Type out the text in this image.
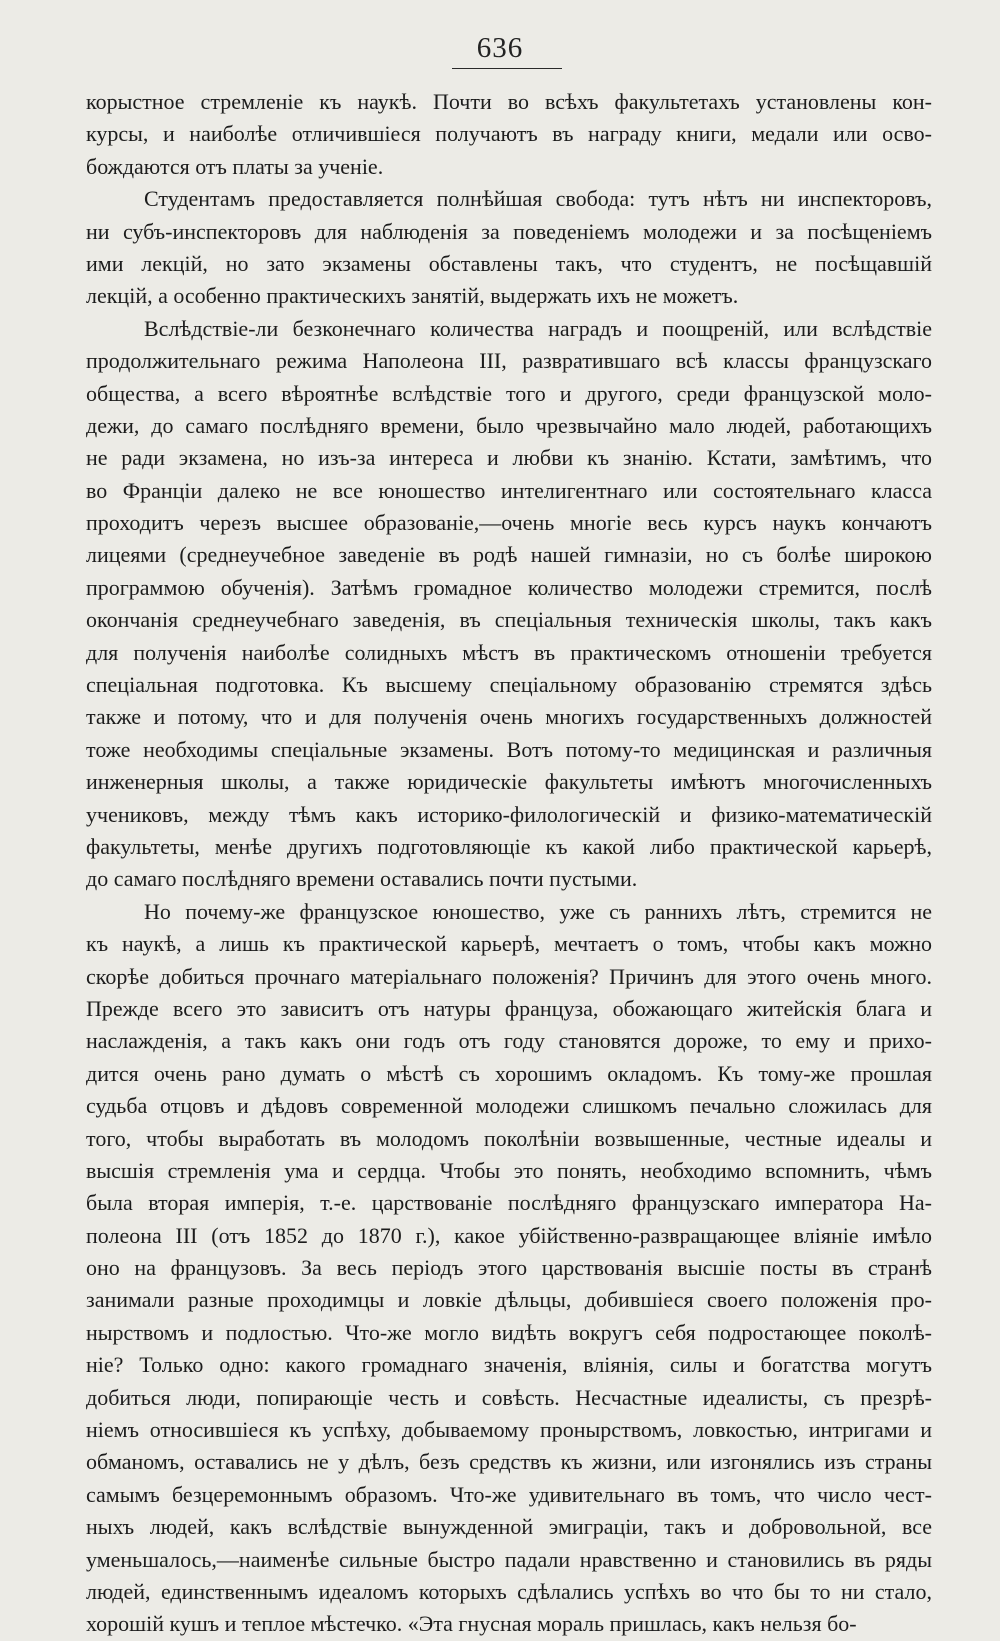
636
корыстное стремленіе къ наукѣ. Почти во всѣхъ факультетахъ установлены кон-
курсы, и наиболѣе отличившіеся получаютъ въ награду книги, медали или осво-
бождаются отъ платы за ученіе.
Студентамъ предоставляется полнѣйшая свобода: тутъ нѣтъ ни инспекторовъ,
ни субъ-инспекторовъ для наблюденія за поведеніемъ молодежи и за посѣщеніемъ
ими лекцій, но зато экзамены обставлены такъ, что студентъ, не посѣщавшій
лекцій, а особенно практическихъ занятій, выдержать ихъ не можетъ.
Вслѣдствіе-ли безконечнаго количества наградъ и поощреній, или вслѣдствіе
продолжительнаго режима Наполеона III, развратившаго всѣ классы французскаго
общества, а всего вѣроятнѣе вслѣдствіе того и другого, среди французской моло-
дежи, до самаго послѣдняго времени, было чрезвычайно мало людей, работающихъ
не ради экзамена, но изъ-за интереса и любви къ знанію. Кстати, замѣтимъ, что
во Франціи далеко не все юношество интелигентнаго или состоятельнаго класса
проходитъ черезъ высшее образованіе,—очень многіе весь курсъ наукъ кончаютъ
лицеями (среднеучебное заведеніе въ родѣ нашей гимназіи, но съ болѣе широкою
программою обученія). Затѣмъ громадное количество молодежи стремится, послѣ
окончанія среднеучебнаго заведенія, въ спеціальныя техническія школы, такъ какъ
для полученія наиболѣе солидныхъ мѣстъ въ практическомъ отношеніи требуется
спеціальная подготовка. Къ высшему спеціальному образованію стремятся здѣсь
также и потому, что и для полученія очень многихъ государственныхъ должностей
тоже необходимы спеціальные экзамены. Вотъ потому-то медицинская и различныя
инженерныя школы, а также юридическіе факультеты имѣютъ многочисленныхъ
учениковъ, между тѣмъ какъ историко-филологическій и физико-математическій
факультеты, менѣе другихъ подготовляющіе къ какой либо практической карьерѣ,
до самаго послѣдняго времени оставались почти пустыми.
Но почему-же французское юношество, уже съ раннихъ лѣтъ, стремится не
къ наукѣ, а лишь къ практической карьерѣ, мечтаетъ о томъ, чтобы какъ можно
скорѣе добиться прочнаго матеріальнаго положенія? Причинъ для этого очень много.
Прежде всего это зависитъ отъ натуры француза, обожающаго житейскія блага и
наслажденія, а такъ какъ они годъ отъ году становятся дороже, то ему и прихо-
дится очень рано думать о мѣстѣ съ хорошимъ окладомъ. Къ тому-же прошлая
судьба отцовъ и дѣдовъ современной молодежи слишкомъ печально сложилась для
того, чтобы выработать въ молодомъ поколѣніи возвышенные, честные идеалы и
высшія стремленія ума и сердца. Чтобы это понять, необходимо вспомнить, чѣмъ
была вторая имперія, т.-е. царствованіе послѣдняго французскаго императора На-
полеона III (отъ 1852 до 1870 г.), какое убійственно-развращающее вліяніе имѣло
оно на французовъ. За весь періодъ этого царствованія высшіе посты въ странѣ
занимали разные проходимцы и ловкіе дѣльцы, добившіеся своего положенія про-
нырствомъ и подлостью. Что-же могло видѣть вокругъ себя подростающее поколѣ-
ніе? Только одно: какого громаднаго значенія, вліянія, силы и богатства могутъ
добиться люди, попирающіе честь и совѣсть. Несчастные идеалисты, съ презрѣ-
ніемъ относившіеся къ успѣху, добываемому пронырствомъ, ловкостью, интригами и
обманомъ, оставались не у дѣлъ, безъ средствъ къ жизни, или изгонялись изъ страны
самымъ безцеремоннымъ образомъ. Что-же удивительнаго въ томъ, что число чест-
ныхъ людей, какъ вслѣдствіе вынужденной эмиграціи, такъ и добровольной, все
уменьшалось,—наименѣе сильные быстро падали нравственно и становились въ ряды
людей, единственнымъ идеаломъ которыхъ сдѣлались успѣхъ во что бы то ни стало,
хорошій кушъ и теплое мѣстечко. «Эта гнусная мораль пришлась, какъ нельзя бо-
